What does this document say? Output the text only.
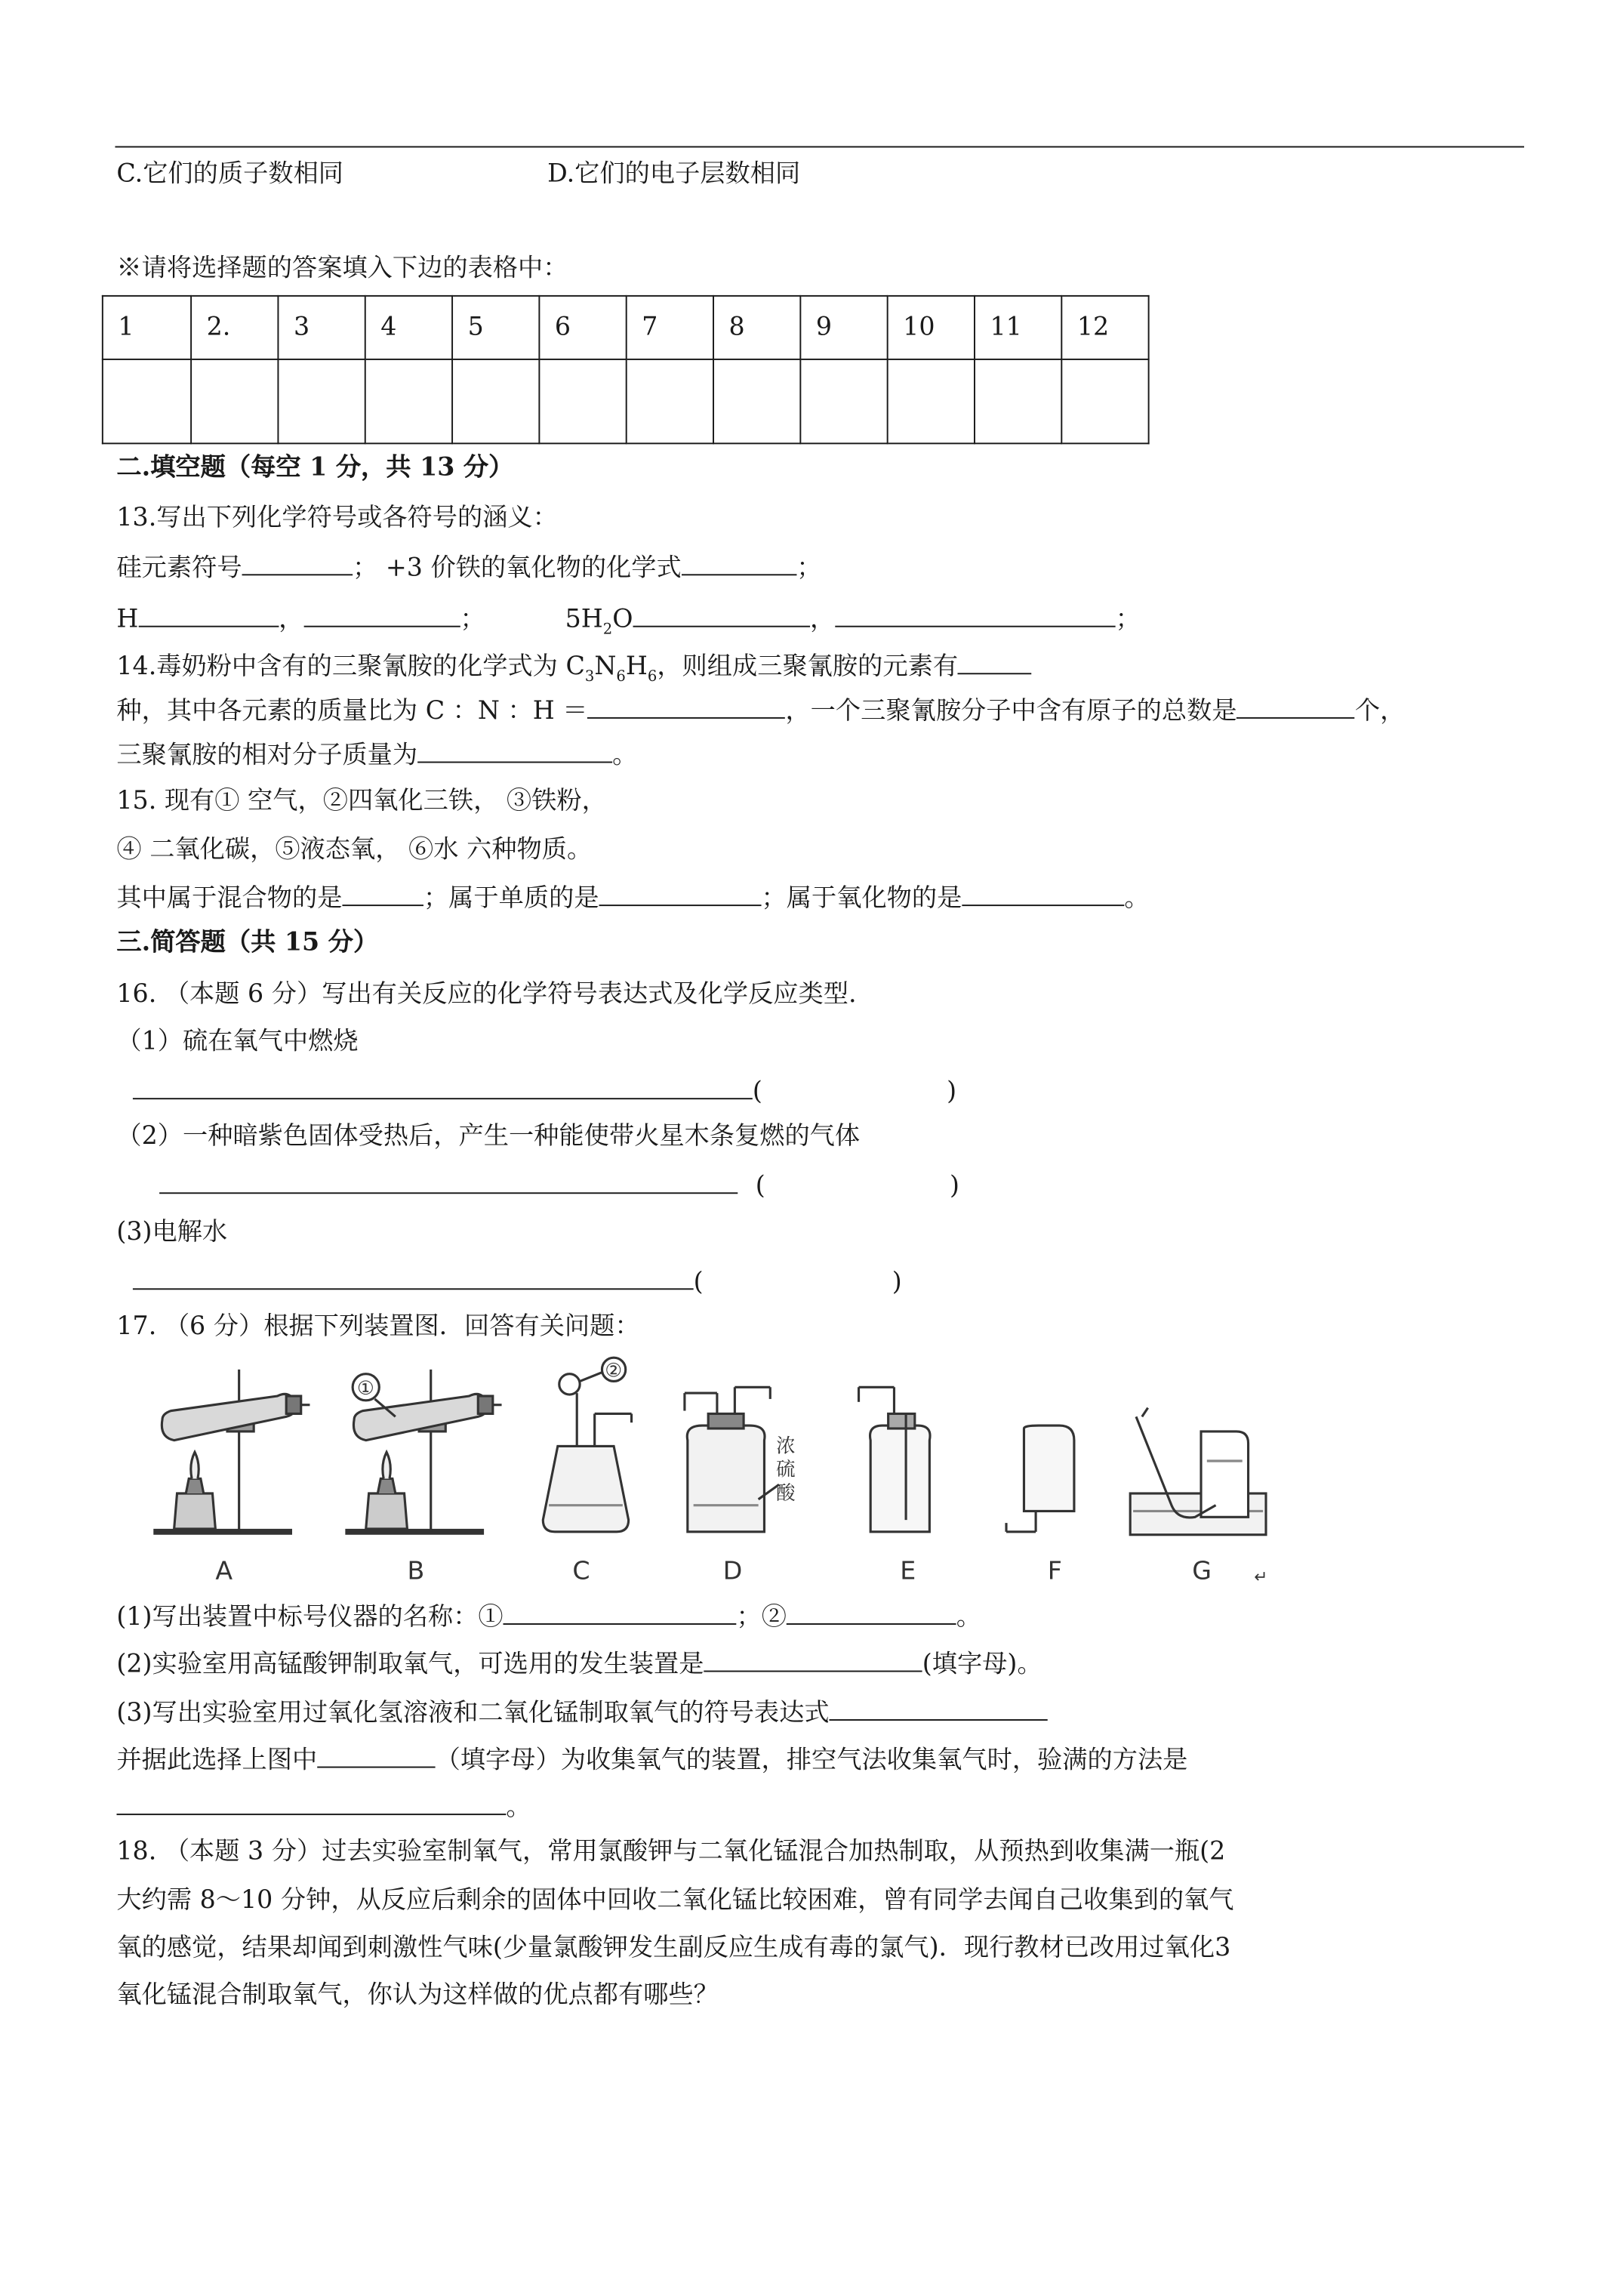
C.它们的质子数相同	D.它们的电子层数相同
※请将选择题的答案填入下边的表格中：
1	2.	3	4	5	6	7	8	9	10	11	12

二.填空题（每空 1 分，共 13 分）
13.写出下列化学符号或各符号的涵义：
硅元素符号	； +3 价铁的氧化物的化学式	；
H	，	；	$5H_2O$	，	；
14.毒奶粉中含有的三聚氰胺的化学式为 $C_3N_6H_6$，则组成三聚氰胺的元素有
种，其中各元素的质量比为 C ：N ：H ＝	，一个三聚氰胺分子中含有原子的总数是	个，
三聚氰胺的相对分子质量为	。
15. 现有① 空气，②四氧化三铁， ③铁粉，
④ 二氧化碳，⑤液态氧， ⑥水 六种物质。
其中属于混合物的是	；属于单质的是	；属于氧化物的是	。
三.简答题（共 15 分）
16. （本题 6 分）写出有关反应的化学符号表达式及化学反应类型.
（1）硫在氧气中燃烧
(	)
（2）一种暗紫色固体受热后，产生一种能使带火星木条复燃的气体
(	)
(3)电解水
(	)
17. （6 分）根据下列装置图．回答有关问题：
A	B	C	D	E	F	G	↵
①
②
浓
硫
酸
(1)写出装置中标号仪器的名称：①	；②	。
(2)实验室用高锰酸钾制取氧气，可选用的发生装置是	(填字母)。
(3)写出实验室用过氧化氢溶液和二氧化锰制取氧气的符号表达式
并据此选择上图中	（填字母）为收集氧气的装置，排空气法收集氧气时，验满的方法是
。
18. （本题 3 分）过去实验室制氧气，常用氯酸钾与二氧化锰混合加热制取，从预热到收集满一瓶(2
大约需 8～10 分钟，从反应后剩余的固体中回收二氧化锰比较困难，曾有同学去闻自己收集到的氧气
氧的感觉，结果却闻到刺激性气味(少量氯酸钾发生副反应生成有毒的氯气)．现行教材已改用过氧化3
氧化锰混合制取氧气，你认为这样做的优点都有哪些？
